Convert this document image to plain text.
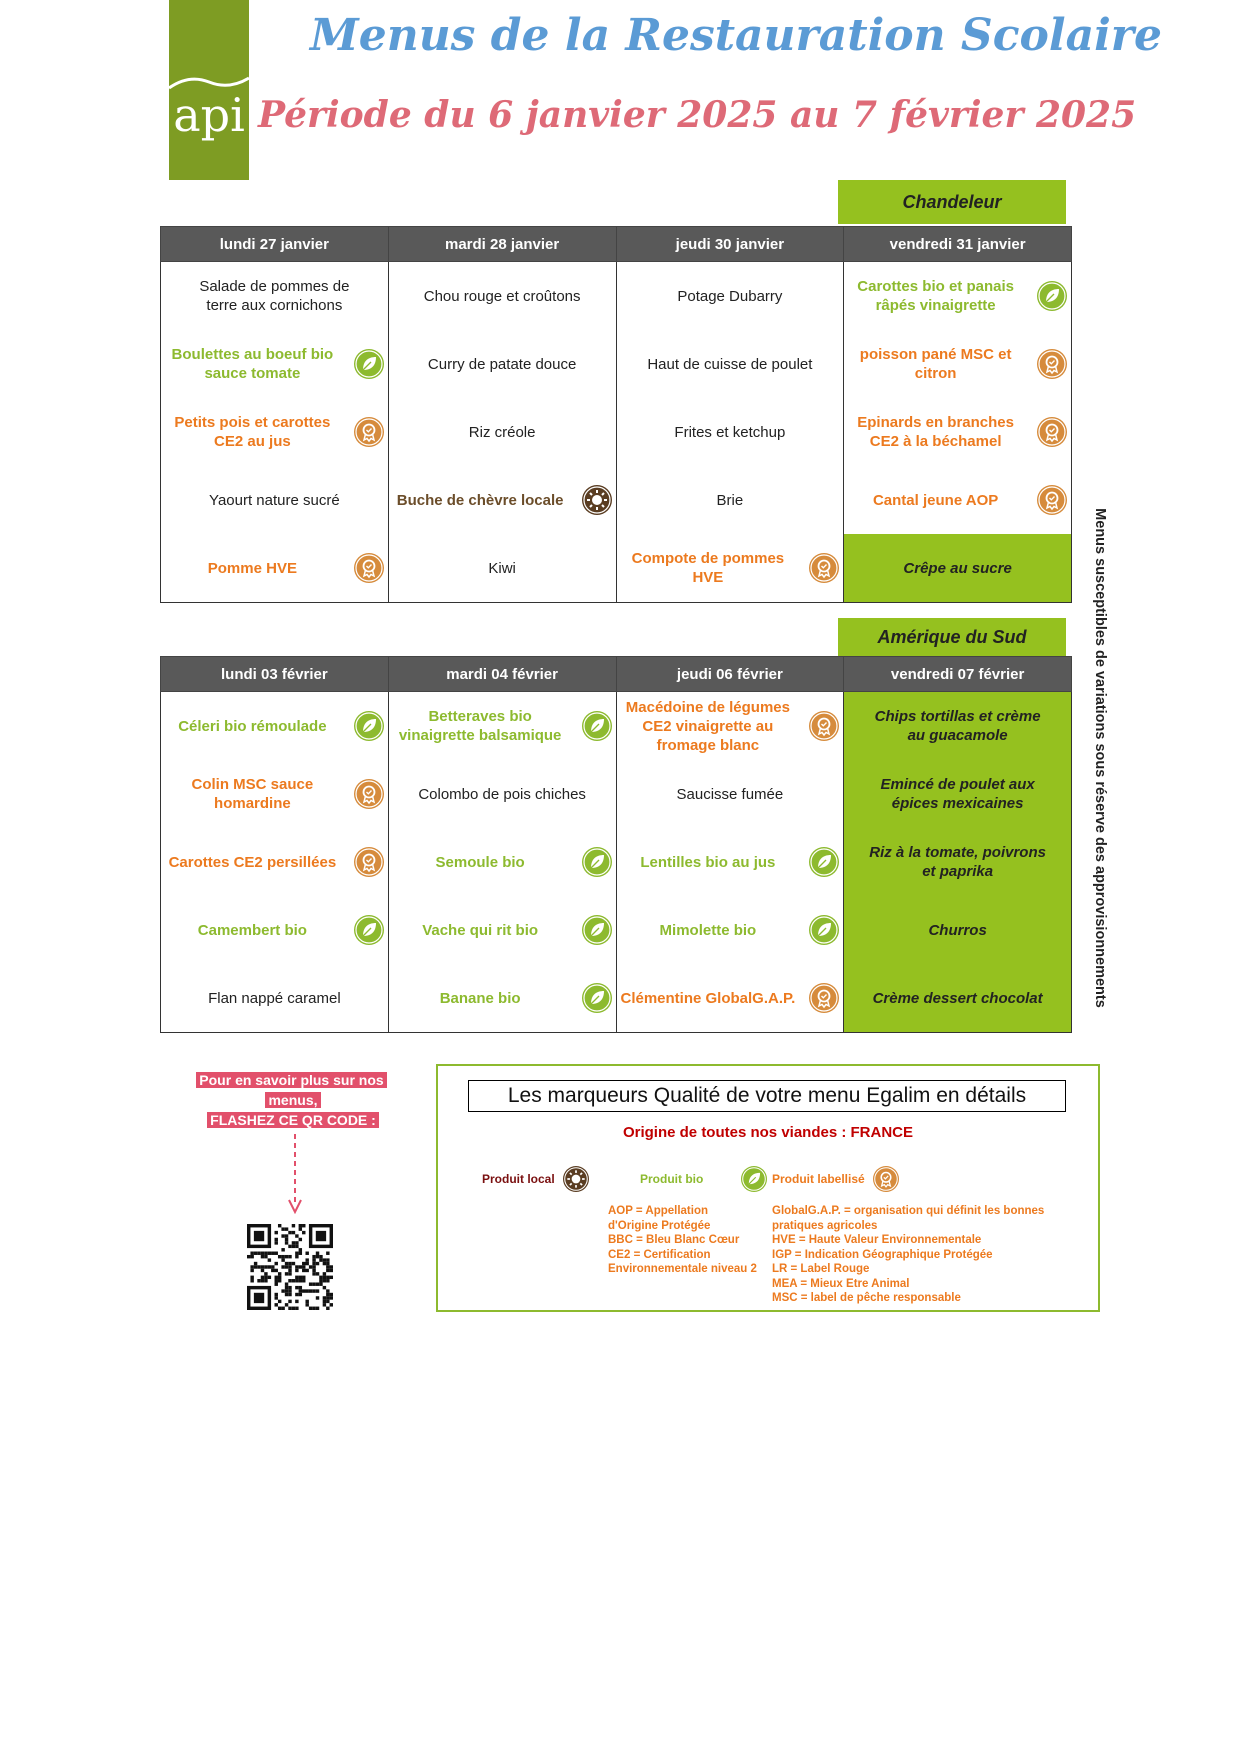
api
Menus de la Restauration Scolaire
Période du 6 janvier 2025 au 7 février 2025
Chandeleur
lundi 27 janvier	mardi 28 janvier	jeudi 30 janvier	vendredi 31 janvier

Salade de pommes de terre aux cornichons	Chou rouge et croûtons	Potage Dubarry	Carottes bio et panais râpés vinaigrette

Boulettes au boeuf bio sauce tomate	Curry de patate douce	Haut de cuisse de poulet	poisson pané MSC et citron

Petits pois et carottes CE2 au jus	Riz créole	Frites et ketchup	Epinards en branches CE2 à la béchamel

Yaourt nature sucré	Buche de chèvre locale	Brie	Cantal jeune AOP

Pomme HVE	Kiwi	Compote de pommes HVE	Crêpe au sucre
Amérique du Sud
lundi 03 février	mardi 04 février	jeudi 06 février	vendredi 07 février

Céleri bio rémoulade	Betteraves bio vinaigrette balsamique	Macédoine de légumes CE2 vinaigrette au fromage blanc	Chips tortillas et crème au guacamole

Colin MSC sauce homardine	Colombo de pois chiches	Saucisse fumée	Emincé de poulet aux épices mexicaines

Carottes CE2 persillées	Semoule bio	Lentilles bio au jus	Riz à la tomate, poivrons et paprika

Camembert bio	Vache qui rit bio	Mimolette bio	Churros

Flan nappé caramel	Banane bio	Clémentine GlobalG.A.P.	Crème dessert chocolat	Menus susceptibles de variations sous réserve des approvisionnements
Pour en savoir plus sur nos menus,
FLASHEZ CE QR CODE :
Les marqueurs Qualité de votre menu Egalim en détails
Origine de toutes nos viandes : FRANCE
Produit local	Produit bio	Produit labellisé
AOP = Appellation
d'Origine Protégée
BBC = Bleu Blanc Cœur
CE2 = Certification
Environnementale niveau 2
GlobalG.A.P. = organisation qui définit les bonnes
pratiques agricoles
HVE = Haute Valeur Environnementale
IGP = Indication Géographique Protégée
LR = Label Rouge
MEA = Mieux Etre Animal
MSC = label de pêche responsable
